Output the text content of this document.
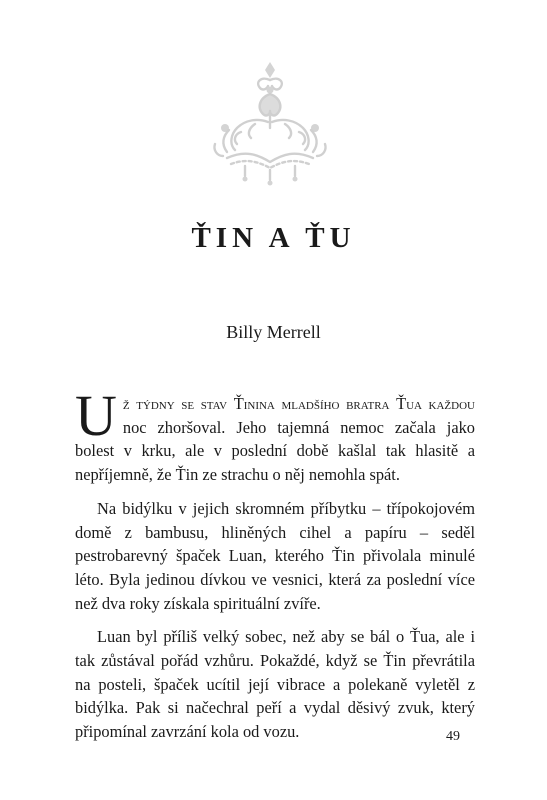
ŤIN A ŤU
Billy Merrell

Už týdny se stav Ťinina mladšího bratra Ťua každou noc zhoršoval. Jeho tajemná nemoc začala jako bolest v krku, ale v poslední době kašlal tak hlasitě a nepříjemně, že Ťin ze strachu o něj nemohla spát.

Na bidýlku v jejich skromném příbytku – třípokojovém domě z bambusu, hliněných cihel a papíru – seděl pestrobarevný špaček Luan, kterého Ťin přivolala minulé léto. Byla jedinou dívkou ve vesnici, která za poslední více než dva roky získala spirituální zvíře.

Luan byl příliš velký sobec, než aby se bál o Ťua, ale i tak zůstával pořád vzhůru. Pokaždé, když se Ťin převrátila na posteli, špaček ucítil její vibrace a polekaně vyletěl z bidýlka. Pak si načechral peří a vydal děsivý zvuk, který připomínal zavrzání kola od vozu.	49
